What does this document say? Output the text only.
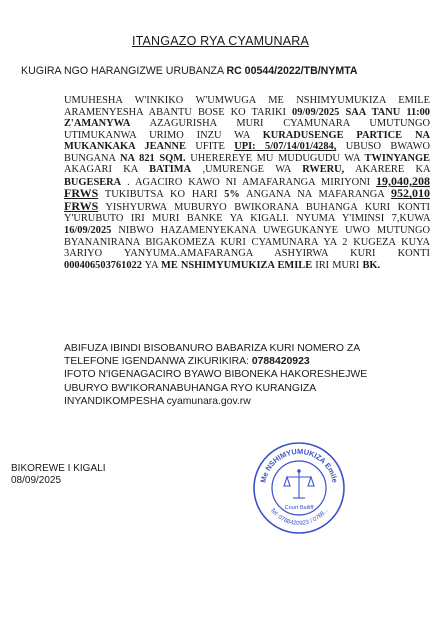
ITANGAZO RYA CYAMUNARA
KUGIRA NGO HARANGIZWE URUBANZA RC 00544/2022/TB/NYMTA
UMUHESHA W'INKIKO W'UMWUGA ME NSHIMYUMUKIZA EMILE ARAMENYESHA ABANTU BOSE KO TARIKI 09/09/2025 SAA TANU 11:00 Z'AMANYWA AZAGURISHA MURI CYAMUNARA UMUTUNGO UTIMUKANWA URIMO INZU WA KURADUSENGE PARTICE NA MUKANKAKA JEANNE UFITE UPI: 5/07/14/01/4284, UBUSO BWAWO BUNGANA NA 821 SQM. UHEREREYE MU MUDUGUDU WA TWINYANGE AKAGARI KA BATIMA ,UMURENGE WA RWERU, AKARERE KA BUGESERA . AGACIRO KAWO NI AMAFARANGA MIRIYONI 19,040,208 FRWS TUKIBUTSA KO HARI 5% ANGANA NA MAFARANGA 952,010 FRWS YISHYURWA MUBURYO BWIKORANA BUHANGA KURI KONTI Y'URUBUTO IRI MURI BANKE YA KIGALI. NYUMA Y'IMINSI 7,KUWA 16/09/2025 NIBWO HAZAMENYEKANA UWEGUKANYE UWO MUTUNGO BYANANIRANA BIGAKOMEZA KURI CYAMUNARA YA 2 KUGEZA KUYA 3ARIYO YANYUMA.AMAFARANGA ASHYIRWA KURI KONTI 000406503761022 YA ME NSHIMYUMUKIZA EMILE IRI MURI BK.
ABIFUZA IBINDI BISOBANURO BABARIZA KURI NOMERO ZA
TELEFONE IGENDANWA ZIKURIKIRA: 0788420923
IFOTO N'IGENAGACIRO BYAWO BIBONEKA HAKORESHEJWE
UBURYO BW'IKORANABUHANGA RYO KURANGIZA
INYANDIKOMPESHA cyamunara.gov.rw
BIKOREWE I KIGALI
08/09/2025	Me NSHIMYUMUKIZA Emile
Tel: 0788420923 / 0788...
Court Bailiff
